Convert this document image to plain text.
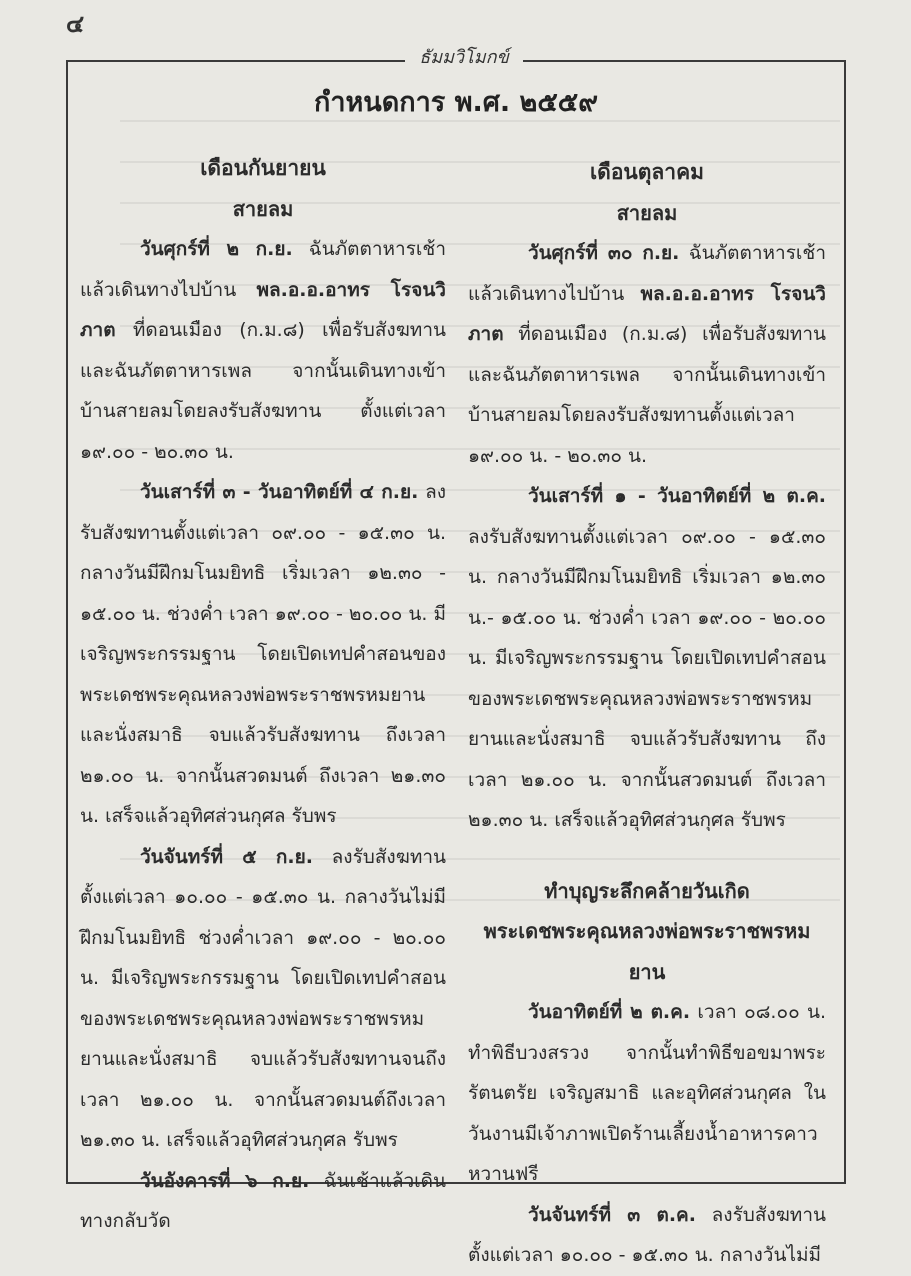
๔
ธัมมวิโมกข์
กำหนดการ พ.ศ. ๒๕๕๙

เดือนกันยายน

สายลม

วันศุกร์ที่ ๒ ก.ย. ฉันภัตตาหารเช้าแล้วเดินทางไปบ้าน พล.อ.อ.อาทร โรจนวิภาต ที่ดอนเมือง (ก.ม.๘) เพื่อรับสังฆทานและฉันภัตตาหารเพล จากนั้นเดินทางเข้าบ้านสายลมโดยลงรับสังฆทาน ตั้งแต่เวลา ๑๙.๐๐ - ๒๐.๓๐ น.

วันเสาร์ที่ ๓ - วันอาทิตย์ที่ ๔ ก.ย. ลงรับสังฆทานตั้งแต่เวลา ๐๙.๐๐ - ๑๕.๓๐ น. กลางวันมีฝึกมโนมยิทธิ เริ่มเวลา ๑๒.๓๐ - ๑๕.๐๐ น. ช่วงค่ำ เวลา ๑๙.๐๐ - ๒๐.๐๐ น. มีเจริญพระกรรมฐาน โดยเปิดเทปคำสอนของพระเดชพระคุณหลวงพ่อพระราชพรหมยานและนั่งสมาธิ จบแล้วรับสังฆทาน ถึงเวลา ๒๑.๐๐ น. จากนั้นสวดมนต์ ถึงเวลา ๒๑.๓๐ น. เสร็จแล้วอุทิศส่วนกุศล รับพร

วันจันทร์ที่ ๕ ก.ย. ลงรับสังฆทาน ตั้งแต่เวลา ๑๐.๐๐ - ๑๕.๓๐ น. กลางวันไม่มีฝึกมโนมยิทธิ ช่วงค่ำเวลา ๑๙.๐๐ - ๒๐.๐๐ น. มีเจริญพระกรรมฐาน โดยเปิดเทปคำสอนของพระเดชพระคุณหลวงพ่อพระราชพรหมยานและนั่งสมาธิ จบแล้วรับสังฆทานจนถึง เวลา ๒๑.๐๐ น. จากนั้นสวดมนต์ถึงเวลา ๒๑.๓๐ น. เสร็จแล้วอุทิศส่วนกุศล รับพร

วันอังคารที่ ๖ ก.ย. ฉันเช้าแล้วเดินทางกลับวัด

เดือนตุลาคม

สายลม

วันศุกร์ที่ ๓๐ ก.ย. ฉันภัตตาหารเช้าแล้วเดินทางไปบ้าน พล.อ.อ.อาทร โรจนวิภาต ที่ดอนเมือง (ก.ม.๘) เพื่อรับสังฆทาน และฉันภัตตาหารเพล จากนั้นเดินทางเข้าบ้านสายลมโดยลงรับสังฆทานตั้งแต่เวลา ๑๙.๐๐ น. - ๒๐.๓๐ น.

วันเสาร์ที่ ๑ - วันอาทิตย์ที่ ๒ ต.ค. ลงรับสังฆทานตั้งแต่เวลา ๐๙.๐๐ - ๑๕.๓๐ น. กลางวันมีฝึกมโนมยิทธิ เริ่มเวลา ๑๒.๓๐ น.- ๑๕.๐๐ น. ช่วงค่ำ เวลา ๑๙.๐๐ - ๒๐.๐๐ น. มีเจริญพระกรรมฐาน โดยเปิดเทปคำสอนของพระเดชพระคุณหลวงพ่อพระราชพรหมยานและนั่งสมาธิ จบแล้วรับสังฆทาน ถึงเวลา ๒๑.๐๐ น. จากนั้นสวดมนต์ ถึงเวลา ๒๑.๓๐ น. เสร็จแล้วอุทิศส่วนกุศล รับพร

ทำบุญระลึกคล้ายวันเกิด

พระเดชพระคุณหลวงพ่อพระราชพรหมยาน

วันอาทิตย์ที่ ๒ ต.ค. เวลา ๐๘.๐๐ น. ทำพิธีบวงสรวง จากนั้นทำพิธีขอขมาพระรัตนตรัย เจริญสมาธิ และอุทิศส่วนกุศล ในวันงานมีเจ้าภาพเปิดร้านเลี้ยงน้ำอาหารคาวหวานฟรี

วันจันทร์ที่ ๓ ต.ค. ลงรับสังฆทาน ตั้งแต่เวลา ๑๐.๐๐ - ๑๕.๓๐ น. กลางวันไม่มี
